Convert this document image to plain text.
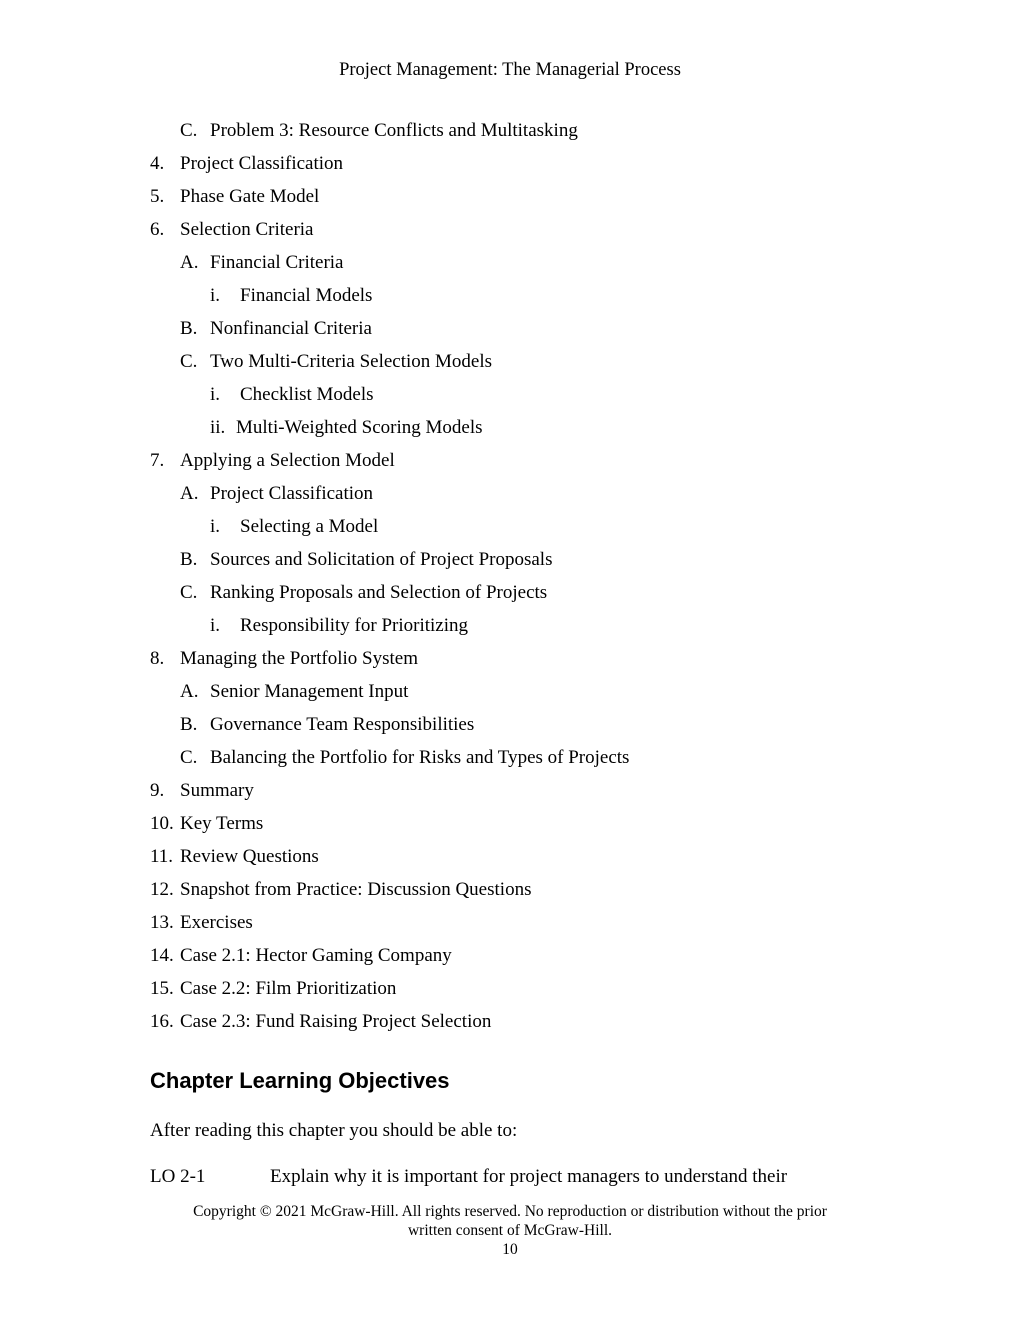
Project Management: The Managerial Process
C. Problem 3: Resource Conflicts and Multitasking
4. Project Classification
5. Phase Gate Model
6. Selection Criteria
A. Financial Criteria
i. Financial Models
B. Nonfinancial Criteria
C. Two Multi-Criteria Selection Models
i. Checklist Models
ii. Multi-Weighted Scoring Models
7. Applying a Selection Model
A. Project Classification
i. Selecting a Model
B. Sources and Solicitation of Project Proposals
C. Ranking Proposals and Selection of Projects
i. Responsibility for Prioritizing
8. Managing the Portfolio System
A. Senior Management Input
B. Governance Team Responsibilities
C. Balancing the Portfolio for Risks and Types of Projects
9. Summary
10. Key Terms
11. Review Questions
12. Snapshot from Practice: Discussion Questions
13. Exercises
14. Case 2.1: Hector Gaming Company
15. Case 2.2: Film Prioritization
16. Case 2.3: Fund Raising Project Selection
Chapter Learning Objectives
After reading this chapter you should be able to:
LO 2-1	Explain why it is important for project managers to understand their
Copyright © 2021 McGraw-Hill. All rights reserved. No reproduction or distribution without the prior
written consent of McGraw-Hill.
10
